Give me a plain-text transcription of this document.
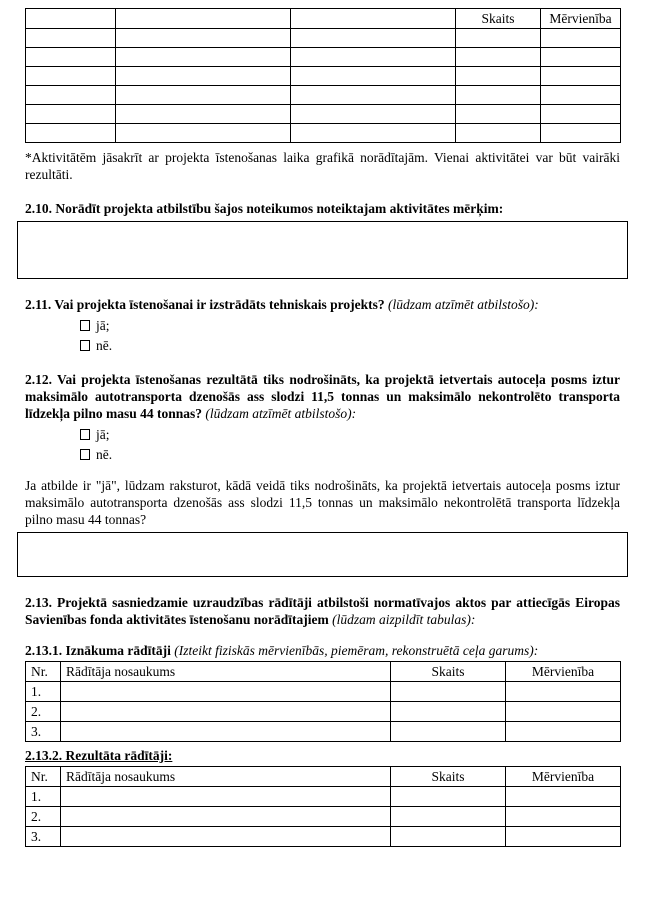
			Skaits	Mērvienība

*Aktivitātēm jāsakrīt ar projekta īstenošanas laika grafikā norādītajām. Vienai aktivitātei var būt vairāki rezultāti.

2.10. Norādīt projekta atbilstību šajos noteikumos noteiktajam aktivitātes mērķim:

2.11. Vai projekta īstenošanai ir izstrādāts tehniskais projekts? (lūdzam atzīmēt atbilstošo):

jā;
nē.

2.12. Vai projekta īstenošanas rezultātā tiks nodrošināts, ka projektā ietvertais autoceļa posms iztur maksimālo autotransporta dzenošās ass slodzi 11,5 tonnas un maksimālo nekontrolēto transporta līdzekļa pilno masu 44 tonnas? (lūdzam atzīmēt atbilstošo):

jā;
nē.

Ja atbilde ir "jā", lūdzam raksturot, kādā veidā tiks nodrošināts, ka projektā ietvertais autoceļa posms iztur maksimālo autotransporta dzenošās ass slodzi 11,5 tonnas un maksimālo nekontrolētā transporta līdzekļa pilno masu 44 tonnas?

2.13. Projektā sasniedzamie uzraudzības rādītāji atbilstoši normatīvajos aktos par attiecīgās Eiropas Savienības fonda aktivitātes īstenošanu norādītajiem (lūdzam aizpildīt tabulas):

2.13.1. Iznākuma rādītāji (Izteikt fiziskās mērvienībās, piemēram, rekonstruētā ceļa garums):

Nr.	Rādītāja nosaukums	Skaits	Mērvienība
1.			
2.			
3.			

2.13.2. Rezultāta rādītāji:

Nr.	Rādītāja nosaukums	Skaits	Mērvienība
1.			
2.			
3.			
